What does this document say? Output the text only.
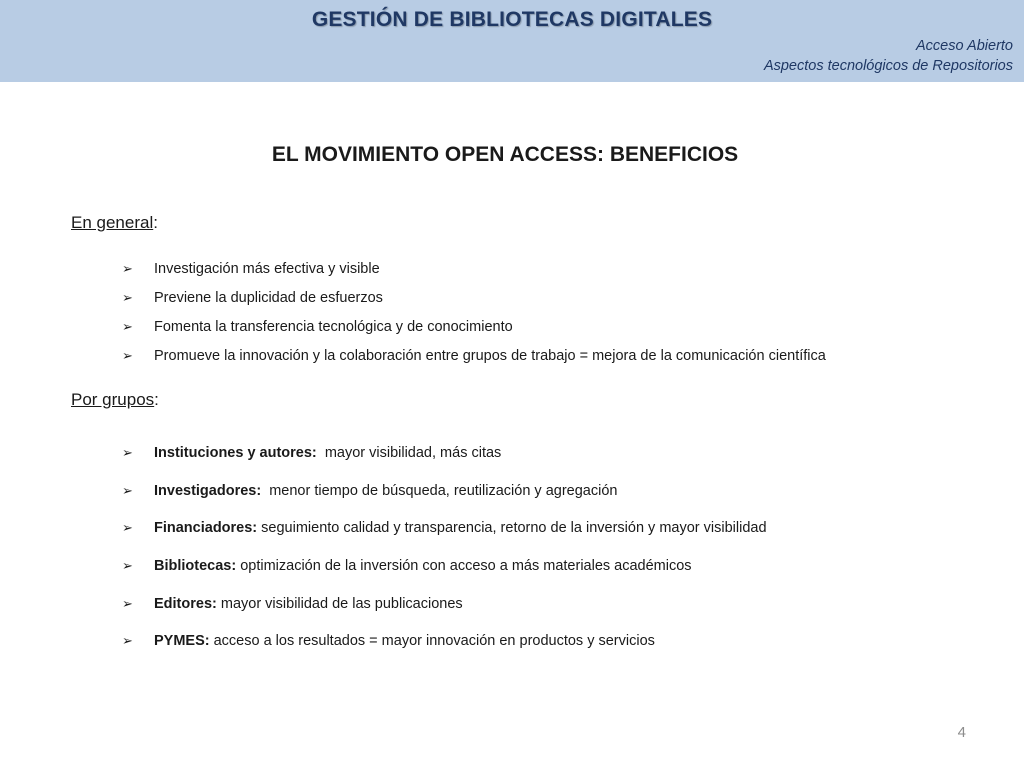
GESTIÓN DE BIBLIOTECAS DIGITALES
Acceso Abierto
Aspectos tecnológicos de Repositorios
EL MOVIMIENTO OPEN ACCESS: BENEFICIOS
En general:
➢ Investigación más efectiva y visible
➢ Previene la duplicidad de esfuerzos
➢ Fomenta la transferencia tecnológica y de conocimiento
➢ Promueve la innovación y la colaboración entre grupos de trabajo = mejora de la comunicación científica
Por grupos:
➢ Instituciones y autores:  mayor visibilidad, más citas
➢ Investigadores:  menor tiempo de búsqueda, reutilización y agregación
➢ Financiadores: seguimiento calidad y transparencia, retorno de la inversión y mayor visibilidad
➢ Bibliotecas: optimización de la inversión con acceso a más materiales académicos
➢ Editores: mayor visibilidad de las publicaciones
➢ PYMES: acceso a los resultados = mayor innovación en productos y servicios
4
